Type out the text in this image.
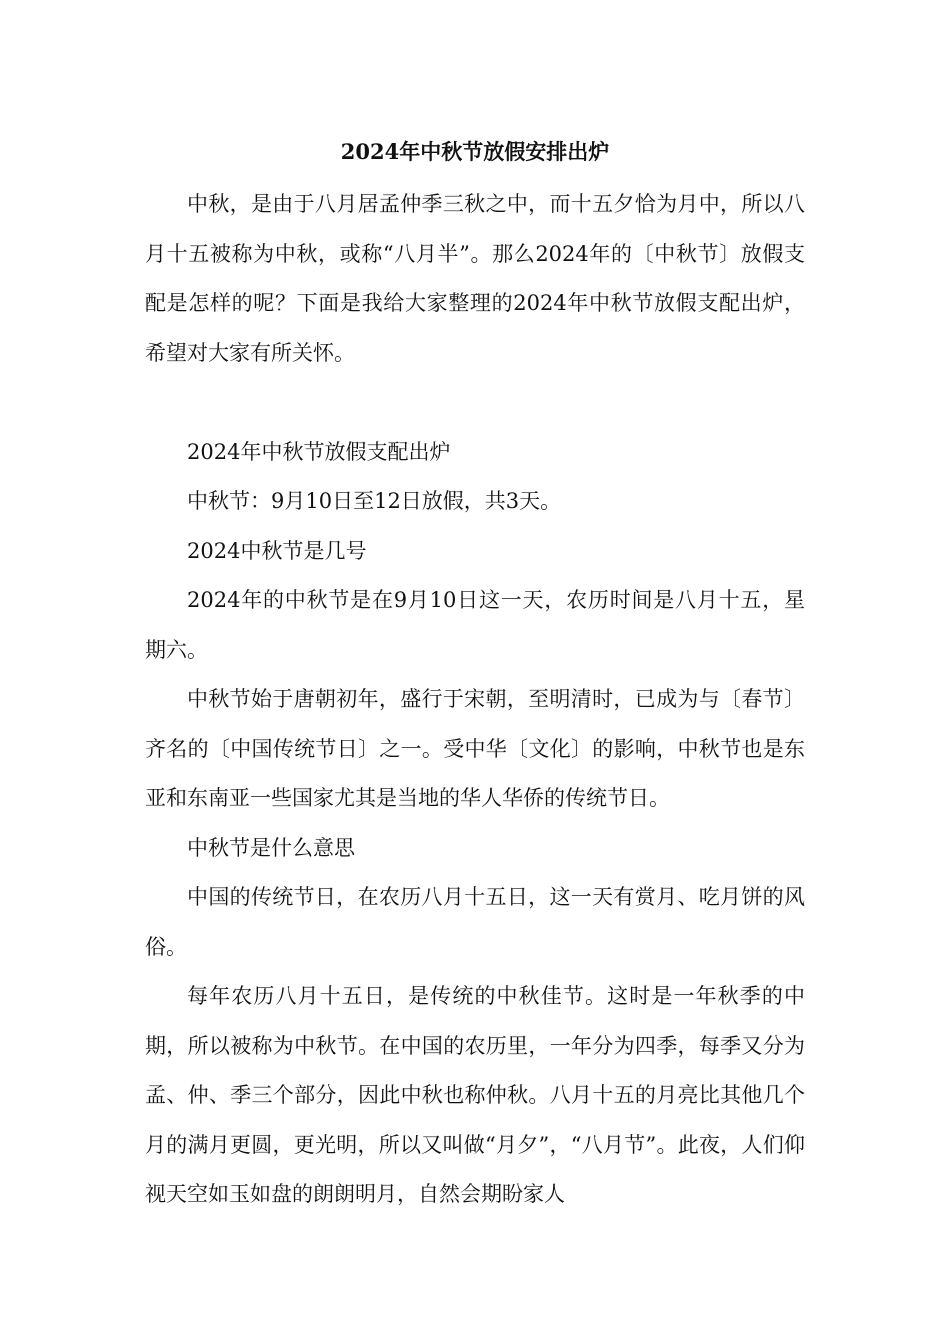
2024年中秋节放假安排出炉

中秋，是由于八月居孟仲季三秋之中，而十五夕恰为月中，所以八月十五被称为中秋，或称“八月半”。那么2024年的〔中秋节〕放假支配是怎样的呢？下面是我给大家整理的2024年中秋节放假支配出炉，希望对大家有所关怀。

2024年中秋节放假支配出炉

中秋节：9月10日至12日放假，共3天。

2024中秋节是几号

2024年的中秋节是在9月10日这一天，农历时间是八月十五，星期六。

中秋节始于唐朝初年，盛行于宋朝，至明清时，已成为与〔春节〕齐名的〔中国传统节日〕之一。受中华〔文化〕的影响，中秋节也是东亚和东南亚一些国家尤其是当地的华人华侨的传统节日。

中秋节是什么意思

中国的传统节日，在农历八月十五日，这一天有赏月、吃月饼的风俗。

每年农历八月十五日，是传统的中秋佳节。这时是一年秋季的中期，所以被称为中秋节。在中国的农历里，一年分为四季，每季又分为孟、仲、季三个部分，因此中秋也称仲秋。八月十五的月亮比其他几个月的满月更圆，更光明，所以又叫做“月夕”，“八月节”。此夜，人们仰视天空如玉如盘的朗朗明月，自然会期盼家人
